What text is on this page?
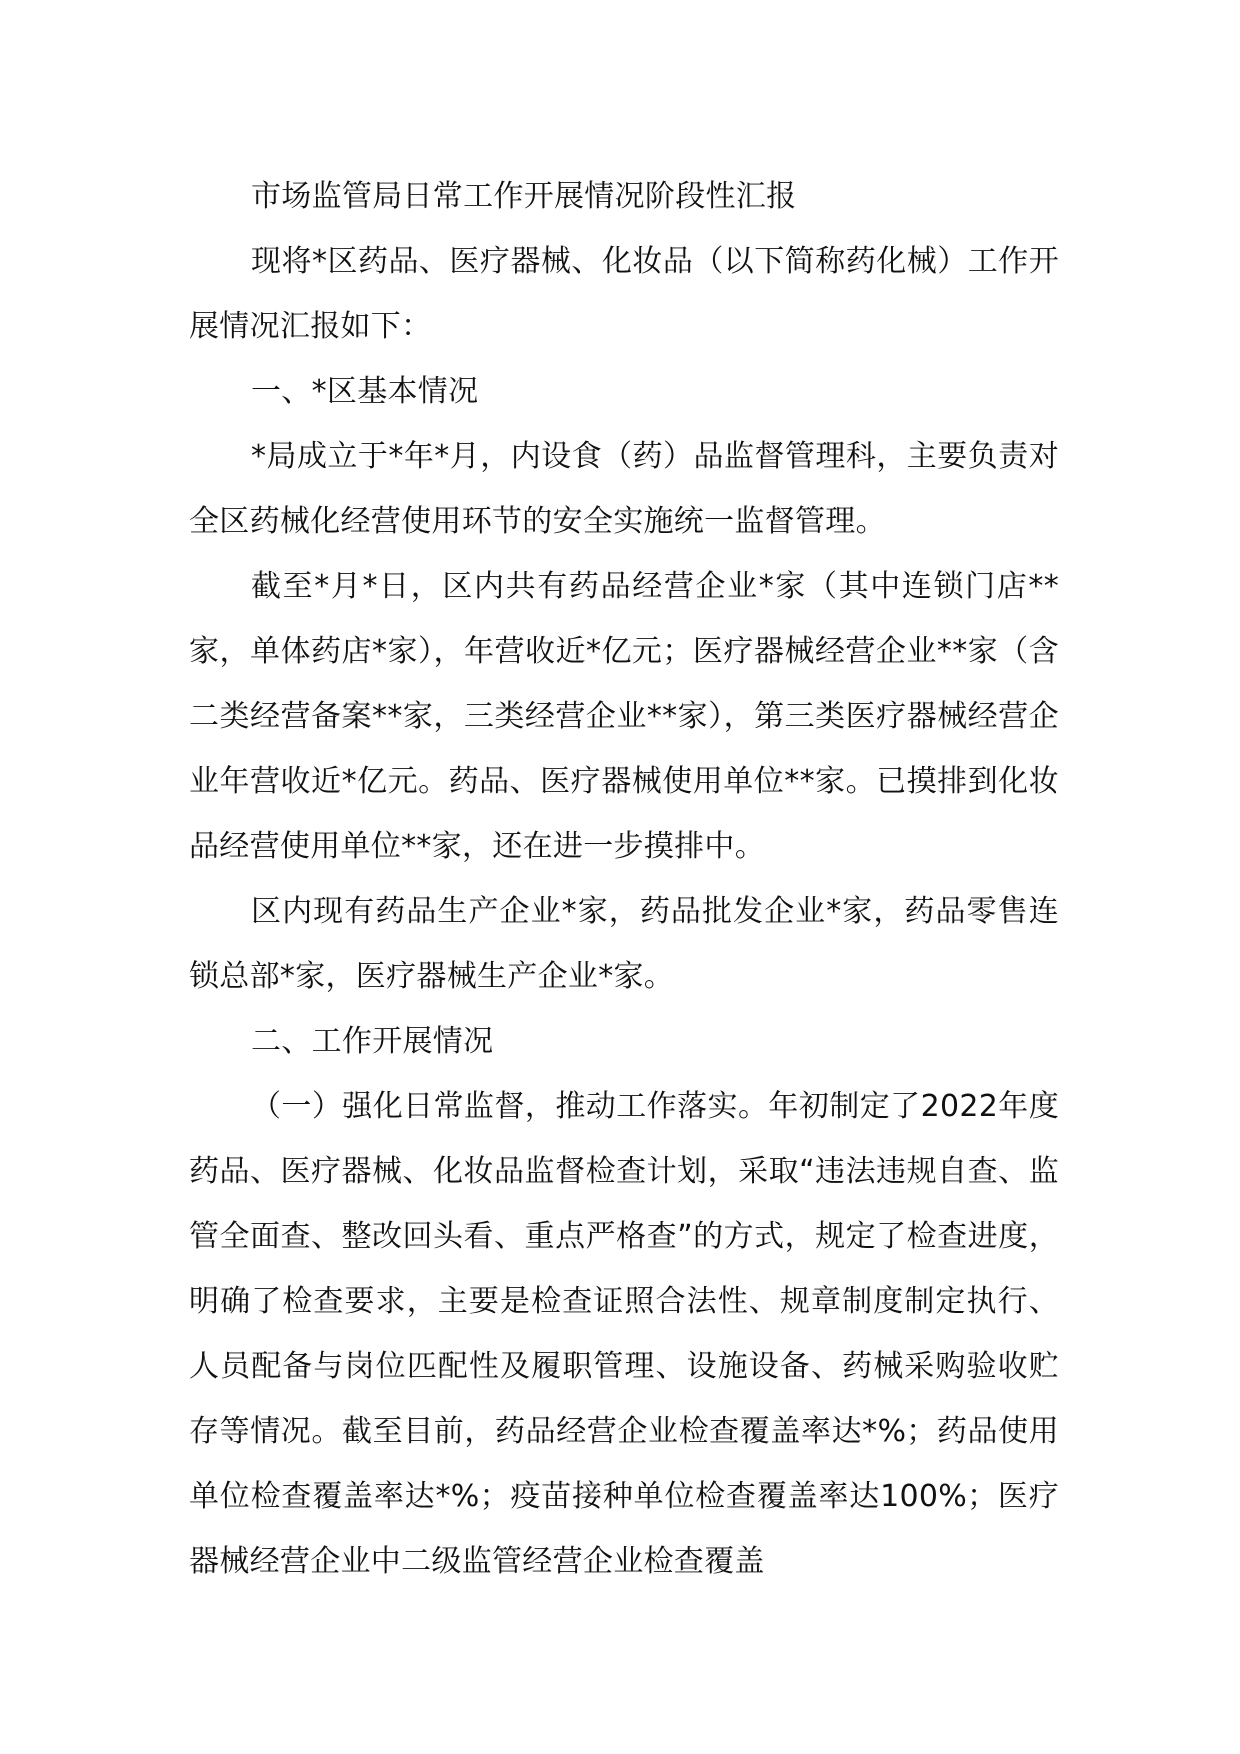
市场监管局日常工作开展情况阶段性汇报

现将*区药品、医疗器械、化妆品（以下简称药化械）工作开展情况汇报如下：

一、*区基本情况

*局成立于*年*月，内设食（药）品监督管理科，主要负责对全区药械化经营使用环节的安全实施统一监督管理。

截至*月*日，区内共有药品经营企业*家（其中连锁门店**家，单体药店*家），年营收近*亿元；医疗器械经营企业**家（含二类经营备案**家，三类经营企业**家），第三类医疗器械经营企业年营收近*亿元。药品、医疗器械使用单位**家。已摸排到化妆品经营使用单位**家，还在进一步摸排中。

区内现有药品生产企业*家，药品批发企业*家，药品零售连锁总部*家，医疗器械生产企业*家。

二、工作开展情况

（一）强化日常监督，推动工作落实。年初制定了2022年度药品、医疗器械、化妆品监督检查计划，采取“违法违规自查、监管全面查、整改回头看、重点严格查”的方式，规定了检查进度，明确了检查要求，主要是检查证照合法性、规章制度制定执行、人员配备与岗位匹配性及履职管理、设施设备、药械采购验收贮存等情况。截至目前，药品经营企业检查覆盖率达*%；药品使用单位检查覆盖率达*%；疫苗接种单位检查覆盖率达100%；医疗器械经营企业中二级监管经营企业检查覆盖
